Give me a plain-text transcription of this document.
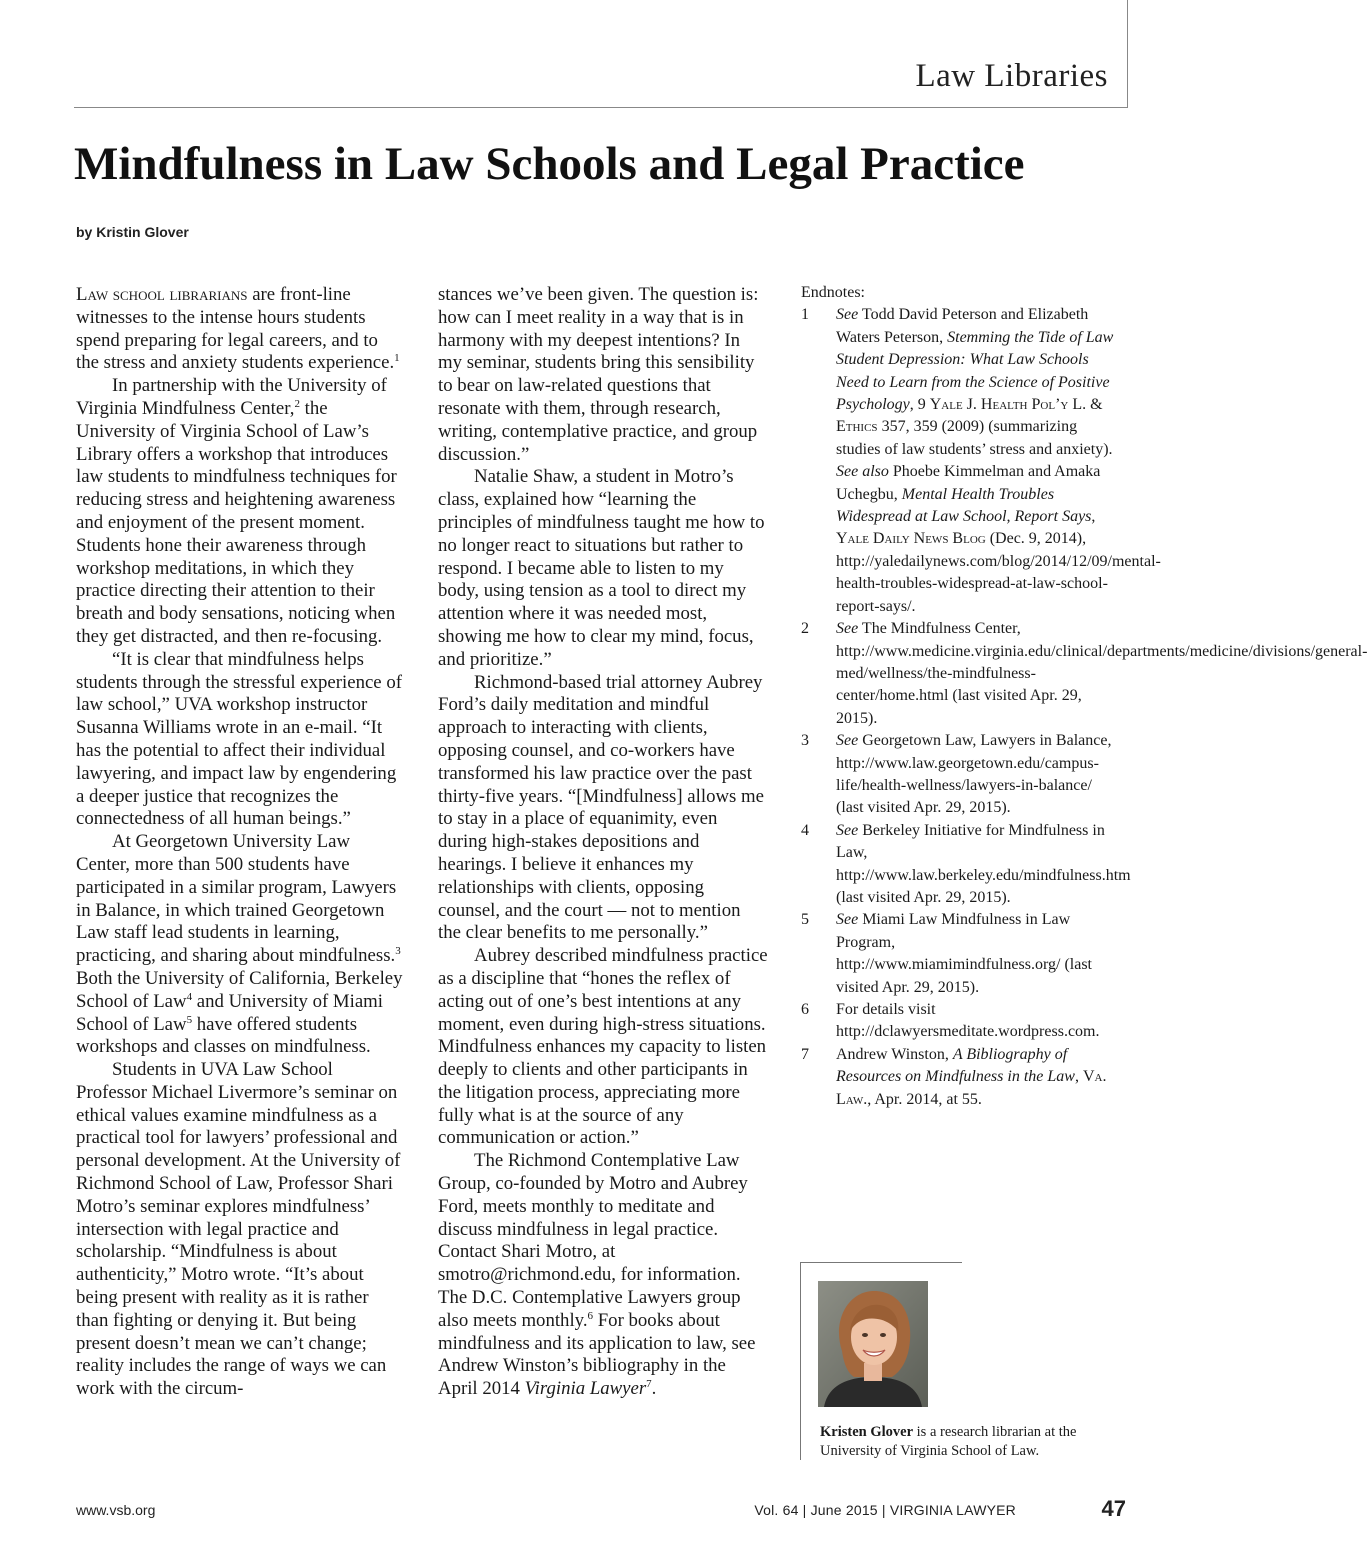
Law Libraries
Mindfulness in Law Schools and Legal Practice
by Kristin Glover

Law school librarians are front-line witnesses to the intense hours students spend preparing for legal careers, and to the stress and anxiety students experience.$^1$

In partnership with the University of Virginia Mindfulness Center,$^2$ the University of Virginia School of Law’s Library offers a workshop that introduces law students to mindfulness techniques for reducing stress and heightening awareness and enjoyment of the present moment. Students hone their awareness through workshop meditations, in which they practice directing their attention to their breath and body sensations, noticing when they get distracted, and then re-focusing.

“It is clear that mindfulness helps students through the stressful experience of law school,” UVA workshop instructor Susanna Williams wrote in an e-mail. “It has the potential to affect their individual lawyering, and impact law by engendering a deeper justice that recognizes the connectedness of all human beings.”

At Georgetown University Law Center, more than 500 students have participated in a similar program, Lawyers in Balance, in which trained Georgetown Law staff lead students in learning, practicing, and sharing about mindfulness.$^3$ Both the University of California, Berkeley School of Law$^4$ and University of Miami School of Law$^5$ have offered students workshops and classes on mindfulness.

Students in UVA Law School Professor Michael Livermore’s seminar on ethical values examine mindfulness as a practical tool for lawyers’ professional and personal development. At the University of Richmond School of Law, Professor Shari Motro’s seminar explores mindfulness’ intersection with legal practice and scholarship. “Mindfulness is about authenticity,” Motro wrote. “It’s about being present with reality as it is rather than fighting or denying it. But being present doesn’t mean we can’t change; reality includes the range of ways we can work with the circum-

stances we’ve been given. The question is: how can I meet reality in a way that is in harmony with my deepest intentions? In my seminar, students bring this sensibility to bear on law-related questions that resonate with them, through research, writing, contemplative practice, and group discussion.”

Natalie Shaw, a student in Motro’s class, explained how “learning the principles of mindfulness taught me how to no longer react to situations but rather to respond. I became able to listen to my body, using tension as a tool to direct my attention where it was needed most, showing me how to clear my mind, focus, and prioritize.”

Richmond-based trial attorney Aubrey Ford’s daily meditation and mindful approach to interacting with clients, opposing counsel, and co-workers have transformed his law practice over the past thirty-five years. “[Mindfulness] allows me to stay in a place of equanimity, even during high-stakes depositions and hearings. I believe it enhances my relationships with clients, opposing counsel, and the court — not to mention the clear benefits to me personally.”

Aubrey described mindfulness practice as a discipline that “hones the reflex of acting out of one’s best intentions at any moment, even during high-stress situations. Mindfulness enhances my capacity to listen deeply to clients and other participants in the litigation process, appreciating more fully what is at the source of any communication or action.”

The Richmond Contemplative Law Group, co-founded by Motro and Aubrey Ford, meets monthly to meditate and discuss mindfulness in legal practice. Contact Shari Motro, at smotro@richmond.edu, for information. The D.C. Contemplative Lawyers group also meets monthly.$^6$ For books about mindfulness and its application to law, see Andrew Winston’s bibliography in the April 2014 Virginia Lawyer$^7$.

Endnotes:

1 See Todd David Peterson and Elizabeth Waters Peterson, Stemming the Tide of Law Student Depression: What Law Schools Need to Learn from the Science of Positive Psychology, 9 Yale J. Health Pol’y L. & Ethics 357, 359 (2009) (summarizing studies of law students’ stress and anxiety). See also Phoebe Kimmelman and Amaka Uchegbu, Mental Health Troubles Widespread at Law School, Report Says, Yale Daily News Blog (Dec. 9, 2014), http://yaledailynews.com/blog/2014/12/09/mental-health-troubles-widespread-at-law-school-report-says/.
2 See The Mindfulness Center, http://www.medicine.virginia.edu/clinical/departments/medicine/divisions/general-med/wellness/the-mindfulness-center/home.html (last visited Apr. 29, 2015).
3 See Georgetown Law, Lawyers in Balance, http://www.law.georgetown.edu/campus-life/health-wellness/lawyers-in-balance/ (last visited Apr. 29, 2015).
4 See Berkeley Initiative for Mindfulness in Law, http://www.law.berkeley.edu/mindfulness.htm (last visited Apr. 29, 2015).
5 See Miami Law Mindfulness in Law Program, http://www.miamimindfulness.org/ (last visited Apr. 29, 2015).
6 For details visit http://dclawyersmeditate.wordpress.com.
7 Andrew Winston, A Bibliography of Resources on Mindfulness in the Law, Va. Law., Apr. 2014, at 55.
Kristen Glover is a research librarian at the University of Virginia School of Law.
www.vsb.org	Vol. 64 | June 2015 | VIRGINIA LAWYER	47
